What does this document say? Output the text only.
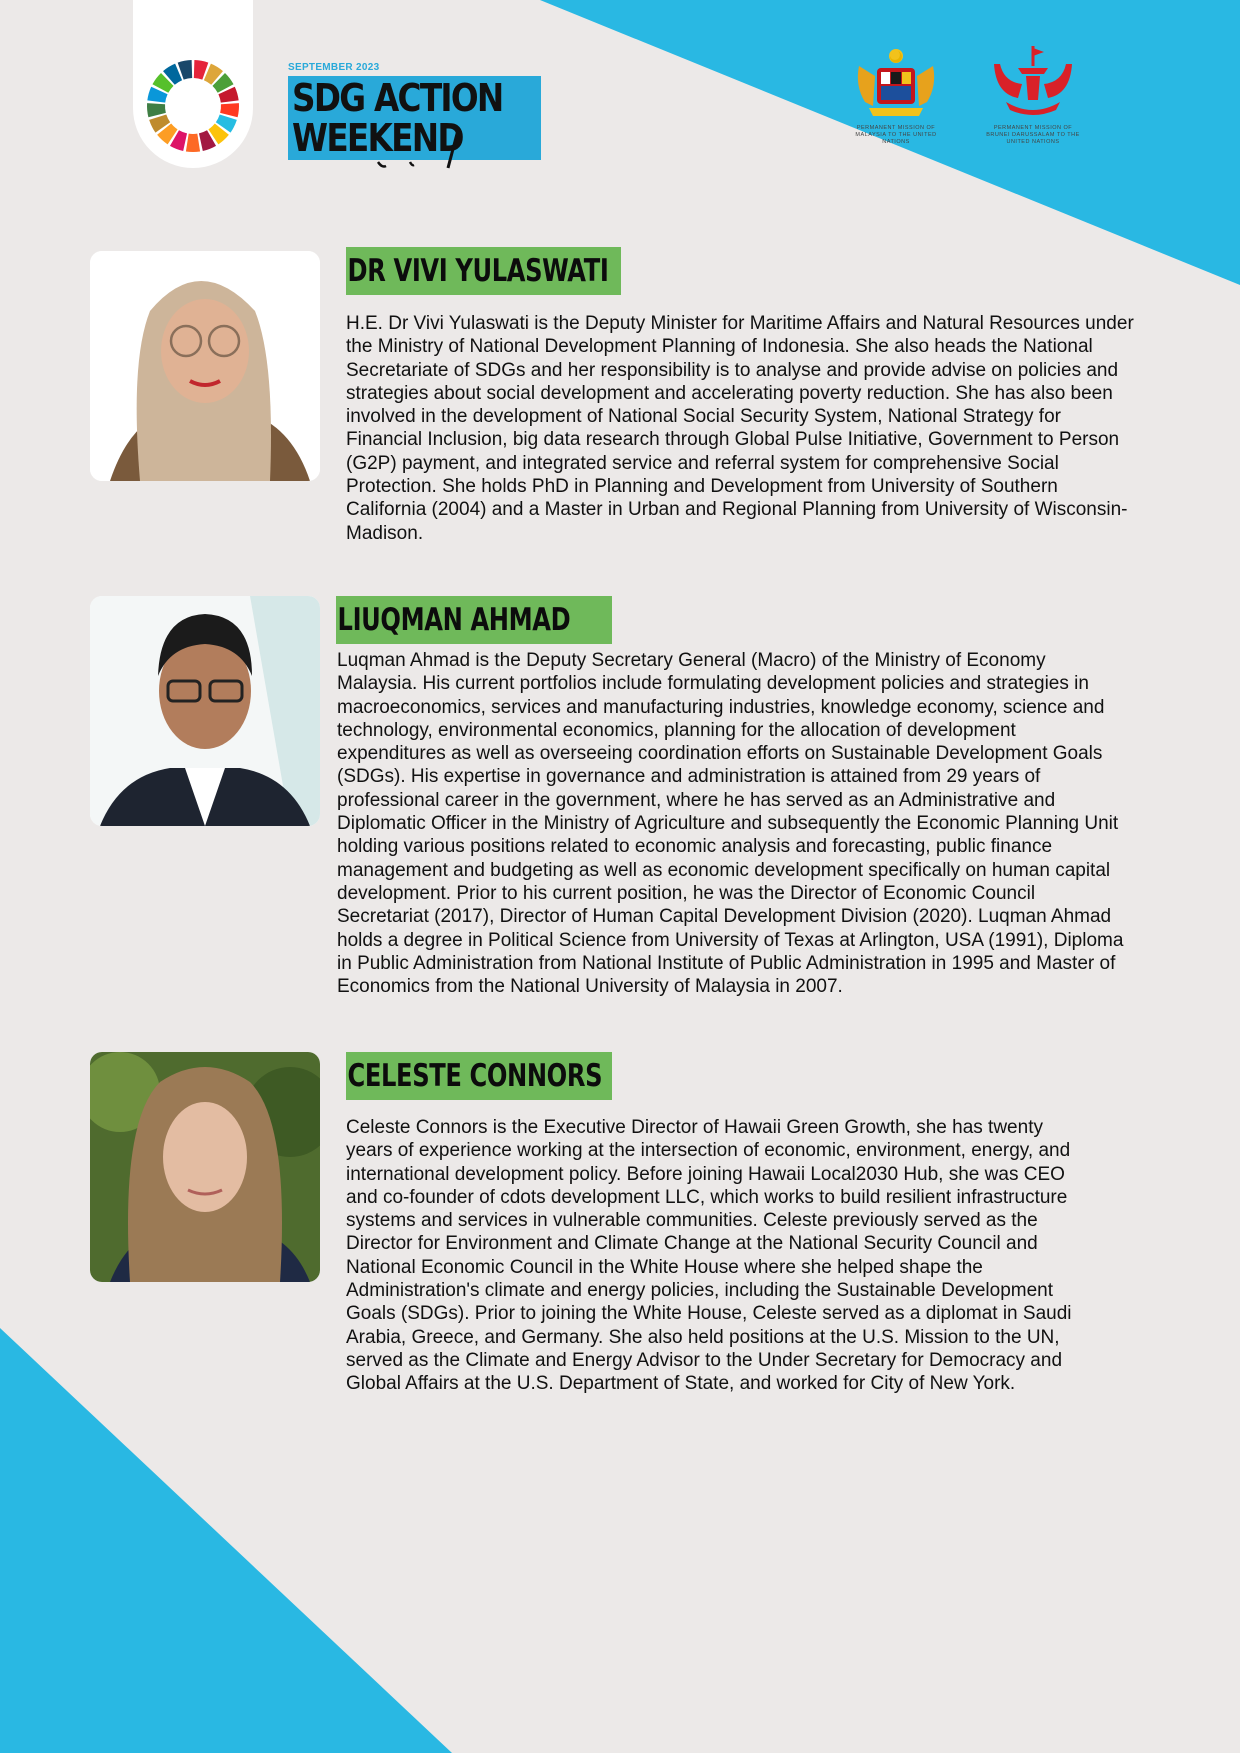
SEPTEMBER 2023
SDG ACTION
WEEKEND	PERMANENT MISSION OF MALAYSIA TO THE UNITED NATIONS
PERMANENT MISSION OF BRUNEI DARUSSALAM TO THE UNITED NATIONS
DR VIVI YULASWATI

H.E. Dr Vivi Yulaswati is the Deputy Minister for Maritime Affairs and Natural Resources under the Ministry of National Development Planning of Indonesia. She also heads the National Secretariate of SDGs and her responsibility is to analyse and provide advise on policies and strategies about social development and accelerating poverty reduction. She has also been involved in the development of National Social Security System, National Strategy for Financial Inclusion, big data research through Global Pulse Initiative, Government to Person (G2P) payment, and integrated service and referral system for comprehensive Social Protection. She holds PhD in Planning and Development from University of Southern California (2004) and a Master in Urban and Regional Planning from University of Wisconsin-Madison.

LIUQMAN AHMAD

Luqman Ahmad is the Deputy Secretary General (Macro) of the Ministry of Economy Malaysia. His current portfolios include formulating development policies and strategies in macroeconomics, services and manufacturing industries, knowledge economy, science and technology, environmental economics, planning for the allocation of development expenditures as well as overseeing coordination efforts on Sustainable Development Goals (SDGs). His expertise in governance and administration is attained from 29 years of professional career in the government, where he has served as an Administrative and Diplomatic Officer in the Ministry of Agriculture and subsequently the Economic Planning Unit holding various positions related to economic analysis and forecasting, public finance management and budgeting as well as economic development specifically on human capital development. Prior to his current position, he was the Director of Economic Council Secretariat (2017), Director of Human Capital Development Division (2020). Luqman Ahmad holds a degree in Political Science from University of Texas at Arlington, USA (1991), Diploma in Public Administration from National Institute of Public Administration in 1995 and Master of Economics from the National University of Malaysia in 2007.

CELESTE CONNORS

Celeste Connors is the Executive Director of Hawaii Green Growth, she has twenty years of experience working at the intersection of economic, environment, energy, and international development policy. Before joining Hawaii Local2030 Hub, she was CEO and co-founder of cdots development LLC, which works to build resilient infrastructure systems and services in vulnerable communities. Celeste previously served as the Director for Environment and Climate Change at the National Security Council and National Economic Council in the White House where she helped shape the Administration's climate and energy policies, including the Sustainable Development Goals (SDGs). Prior to joining the White House, Celeste served as a diplomat in Saudi Arabia, Greece, and Germany. She also held positions at the U.S. Mission to the UN, served as the Climate and Energy Advisor to the Under Secretary for Democracy and Global Affairs at the U.S. Department of State, and worked for City of New York.
